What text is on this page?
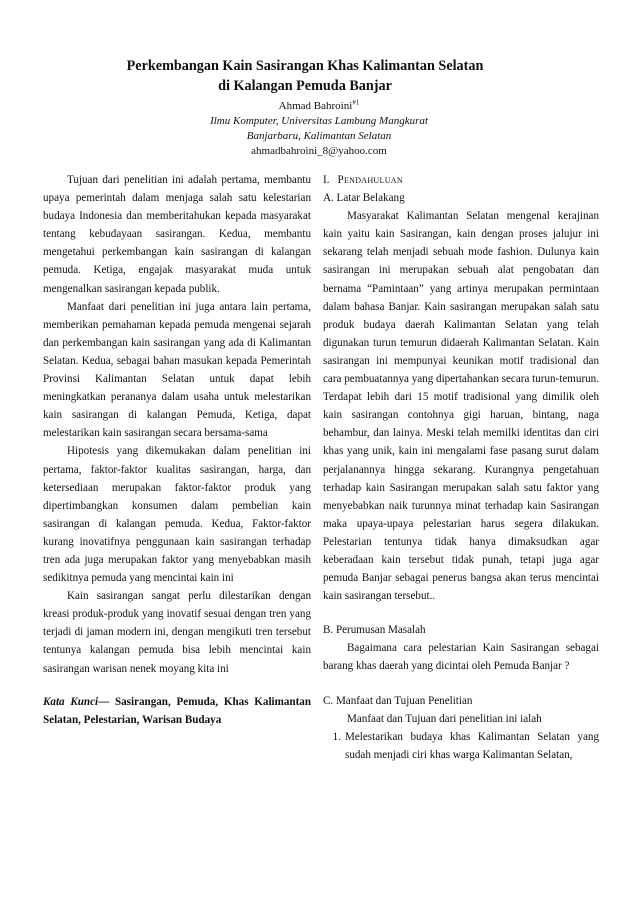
Perkembangan Kain Sasirangan Khas Kalimantan Selatan
di Kalangan Pemuda Banjar
Ahmad Bahroini$^{\#1}$
Ilmu Komputer, Universitas Lambung Mangkurat
Banjarbaru, Kalimantan Selatan
ahmadbahroini_8@yahoo.com

Tujuan dari penelitian ini adalah pertama, membantu upaya pemerintah dalam menjaga salah satu kelestarian budaya Indonesia dan memberitahukan kepada masyarakat tentang kebudayaan sasirangan. Kedua, membantu mengetahui perkembangan kain sasirangan di kalangan pemuda. Ketiga, engajak masyarakat muda untuk mengenalkan sasirangan kepada publik.

Manfaat dari penelitian ini juga antara lain pertama, memberikan pemahaman kepada pemuda mengenai sejarah dan perkembangan kain sasirangan yang ada di Kalimantan Selatan. Kedua, sebagai bahan masukan kepada Pemerintah Provinsi Kalimantan Selatan untuk dapat lebih meningkatkan perananya dalam usaha untuk melestarikan kain sasirangan di kalangan Pemuda, Ketiga, dapat melestarikan kain sasirangan secara bersama-sama

Hipotesis yang dikemukakan dalam penelitian ini pertama, faktor-faktor kualitas sasirangan, harga, dan ketersediaan merupakan faktor-faktor produk yang dipertimbangkan konsumen dalam pembelian kain sasirangan di kalangan pemuda. Kedua, Faktor-faktor kurang inovatifnya penggunaan kain sasirangan terhadap tren ada juga merupakan faktor yang menyebabkan masih sedikitnya pemuda yang mencintai kain ini

Kain sasirangan sangat perlu dilestarikan dengan kreasi produk-produk yang inovatif sesuai dengan tren yang terjadi di jaman modern ini, dengan mengikuti tren tersebut tentunya kalangan pemuda bisa lebih mencintai kain sasirangan warisan nenek moyang kita ini

Kata Kunci— Sasirangan, Pemuda, Khas Kalimantan Selatan, Pelestarian, Warisan Budaya

I. Pendahuluan

A. Latar Belakang

Masyarakat Kalimantan Selatan mengenal kerajinan kain yaitu kain Sasirangan, kain dengan proses jalujur ini sekarang telah menjadi sebuah mode fashion. Dulunya kain sasirangan ini merupakan sebuah alat pengobatan dan bernama “Pamintaan” yang artinya merupakan permintaan dalam bahasa Banjar. Kain sasirangan merupakan salah satu produk budaya daerah Kalimantan Selatan yang telah digunakan turun temurun didaerah Kalimantan Selatan. Kain sasirangan ini mempunyai keunikan motif tradisional dan cara pembuatannya yang dipertahankan secara turun-temurun. Terdapat lebih dari 15 motif tradisional yang dimilik oleh kain sasirangan contohnya gigi haruan, bintang, naga behambur, dan lainya. Meski telah memilki identitas dan ciri khas yang unik, kain ini mengalami fase pasang surut dalam perjalanannya hingga sekarang. Kurangnya pengetahuan terhadap kain Sasirangan merupakan salah satu faktor yang menyebabkan naik turunnya minat terhadap kain Sasirangan maka upaya-upaya pelestarian harus segera dilakukan. Pelestarian tentunya tidak hanya dimaksudkan agar keberadaan kain tersebut tidak punah, tetapi juga agar pemuda Banjar sebagai penerus bangsa akan terus mencintai kain sasirangan tersebut..

B. Perumusan Masalah

Bagaimana cara pelestarian Kain Sasirangan sebagai barang khas daerah yang dicintai oleh Pemuda Banjar ?

C. Manfaat dan Tujuan Penelitian

Manfaat dan Tujuan dari penelitian ini ialah

1. Melestarikan budaya khas Kalimantan Selatan yang sudah menjadi ciri khas warga Kalimantan Selatan,
